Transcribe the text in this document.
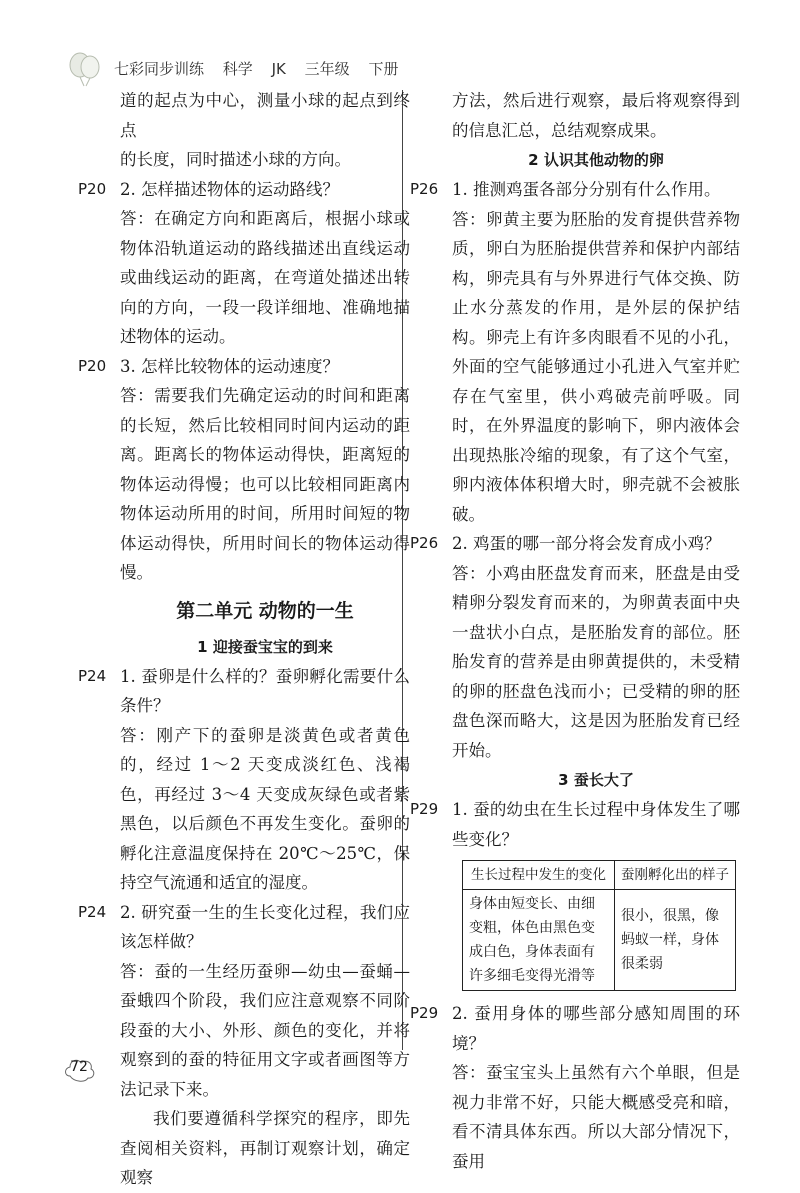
七彩同步训练 科学 JK 三年级 下册

道的起点为中心，测量小球的起点到终点

的长度，同时描述小球的方向。

P20 2. 怎样描述物体的运动路线？

答：在确定方向和距离后，根据小球或物体沿轨道运动的路线描述出直线运动或曲线运动的距离，在弯道处描述出转向的方向，一段一段详细地、准确地描述物体的运动。

P20 3. 怎样比较物体的运动速度？

答：需要我们先确定运动的时间和距离的长短，然后比较相同时间内运动的距离。距离长的物体运动得快，距离短的物体运动得慢；也可以比较相同距离内物体运动所用的时间，所用时间短的物体运动得快，所用时间长的物体运动得慢。

第二单元 动物的一生
1 迎接蚕宝宝的到来

P24 1. 蚕卵是什么样的？蚕卵孵化需要什么条件？

答：刚产下的蚕卵是淡黄色或者黄色的，经过 1～2 天变成淡红色、浅褐色，再经过 3～4 天变成灰绿色或者紫黑色，以后颜色不再发生变化。蚕卵的孵化注意温度保持在 20℃～25℃，保持空气流通和适宜的湿度。

P24 2. 研究蚕一生的生长变化过程，我们应该怎样做？

答：蚕的一生经历蚕卵—幼虫—蚕蛹—蚕蛾四个阶段，我们应注意观察不同阶段蚕的大小、外形、颜色的变化，并将观察到的蚕的特征用文字或者画图等方法记录下来。

我们要遵循科学探究的程序，即先查阅相关资料，再制订观察计划，确定观察

方法，然后进行观察，最后将观察得到的信息汇总，总结观察成果。

2 认识其他动物的卵

P26 1. 推测鸡蛋各部分分别有什么作用。

答：卵黄主要为胚胎的发育提供营养物质，卵白为胚胎提供营养和保护内部结构，卵壳具有与外界进行气体交换、防止水分蒸发的作用，是外层的保护结构。卵壳上有许多肉眼看不见的小孔，外面的空气能够通过小孔进入气室并贮存在气室里，供小鸡破壳前呼吸。同时，在外界温度的影响下，卵内液体会出现热胀冷缩的现象，有了这个气室，卵内液体体积增大时，卵壳就不会被胀破。

P26 2. 鸡蛋的哪一部分将会发育成小鸡？

答：小鸡由胚盘发育而来，胚盘是由受精卵分裂发育而来的，为卵黄表面中央一盘状小白点，是胚胎发育的部位。胚胎发育的营养是由卵黄提供的，未受精的卵的胚盘色浅而小；已受精的卵的胚盘色深而略大，这是因为胚胎发育已经开始。

3 蚕长大了

P29 1. 蚕的幼虫在生长过程中身体发生了哪些变化？

生长过程中发生的变化	蚕刚孵化出的样子
身体由短变长、由细变粗，体色由黑色变成白色，身体表面有许多细毛变得光滑等	很小，很黑，像蚂蚁一样，身体很柔弱

P29 2. 蚕用身体的哪些部分感知周围的环境？

答：蚕宝宝头上虽然有六个单眼，但是视力非常不好，只能大概感受亮和暗，看不清具体东西。所以大部分情况下，蚕用

72
